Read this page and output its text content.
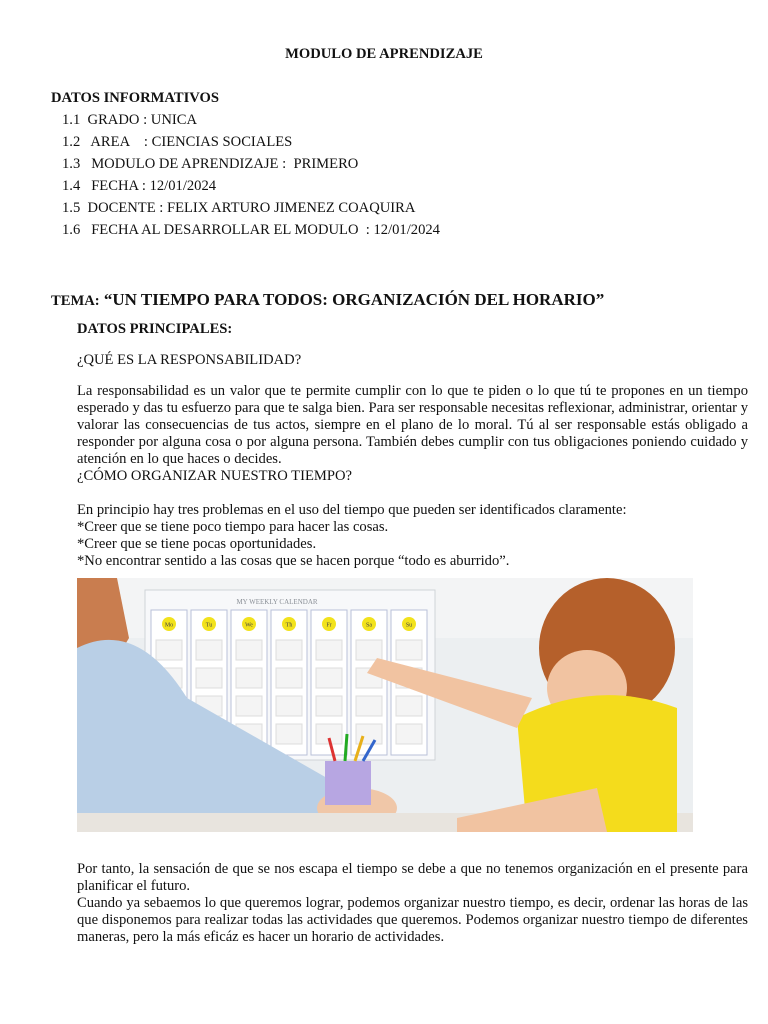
MODULO DE APRENDIZAJE
DATOS INFORMATIVOS
1.1  GRADO : UNICA
1.2   AREA    : CIENCIAS SOCIALES
1.3   MODULO DE APRENDIZAJE :  PRIMERO
1.4   FECHA : 12/01/2024
1.5  DOCENTE : FELIX ARTURO JIMENEZ COAQUIRA
1.6   FECHA AL DESARROLLAR EL MODULO  : 12/01/2024
TEMA: “UN TIEMPO PARA TODOS: ORGANIZACIÓN DEL HORARIO”
DATOS PRINCIPALES:
¿QUÉ ES LA RESPONSABILIDAD?
La responsabilidad es un valor que te permite cumplir con lo que te piden o lo que tú te propones en un tiempo esperado y das tu esfuerzo para que te salga bien. Para ser responsable necesitas reflexionar, administrar, orientar y valorar las consecuencias de tus actos, siempre en el plano de lo moral. Tú al ser responsable estás obligado a responder por alguna cosa o por alguna persona. También debes cumplir con tus obligaciones poniendo cuidado y atención en lo que haces o decides.
¿CÓMO ORGANIZAR NUESTRO TIEMPO?
En principio hay tres problemas en el uso del tiempo que pueden ser identificados claramente:
*Creer que se tiene poco tiempo para hacer las cosas.
*Creer que se tiene pocas oportunidades.
*No encontrar sentido a las cosas que se hacen porque “todo es aburrido”.
MY WEEKLY CALENDAR
Mo	Tu	We	Th	Fr	Sa	Su
Por tanto, la sensación de que se nos escapa el tiempo se debe a que no tenemos organización en el presente para planificar el futuro.
Cuando ya sebaemos lo que queremos lograr, podemos organizar nuestro tiempo, es decir, ordenar las horas de las que disponemos para realizar todas las actividades que queremos. Podemos organizar nuestro tiempo de diferentes maneras, pero la más eficáz es hacer un horario de actividades.
